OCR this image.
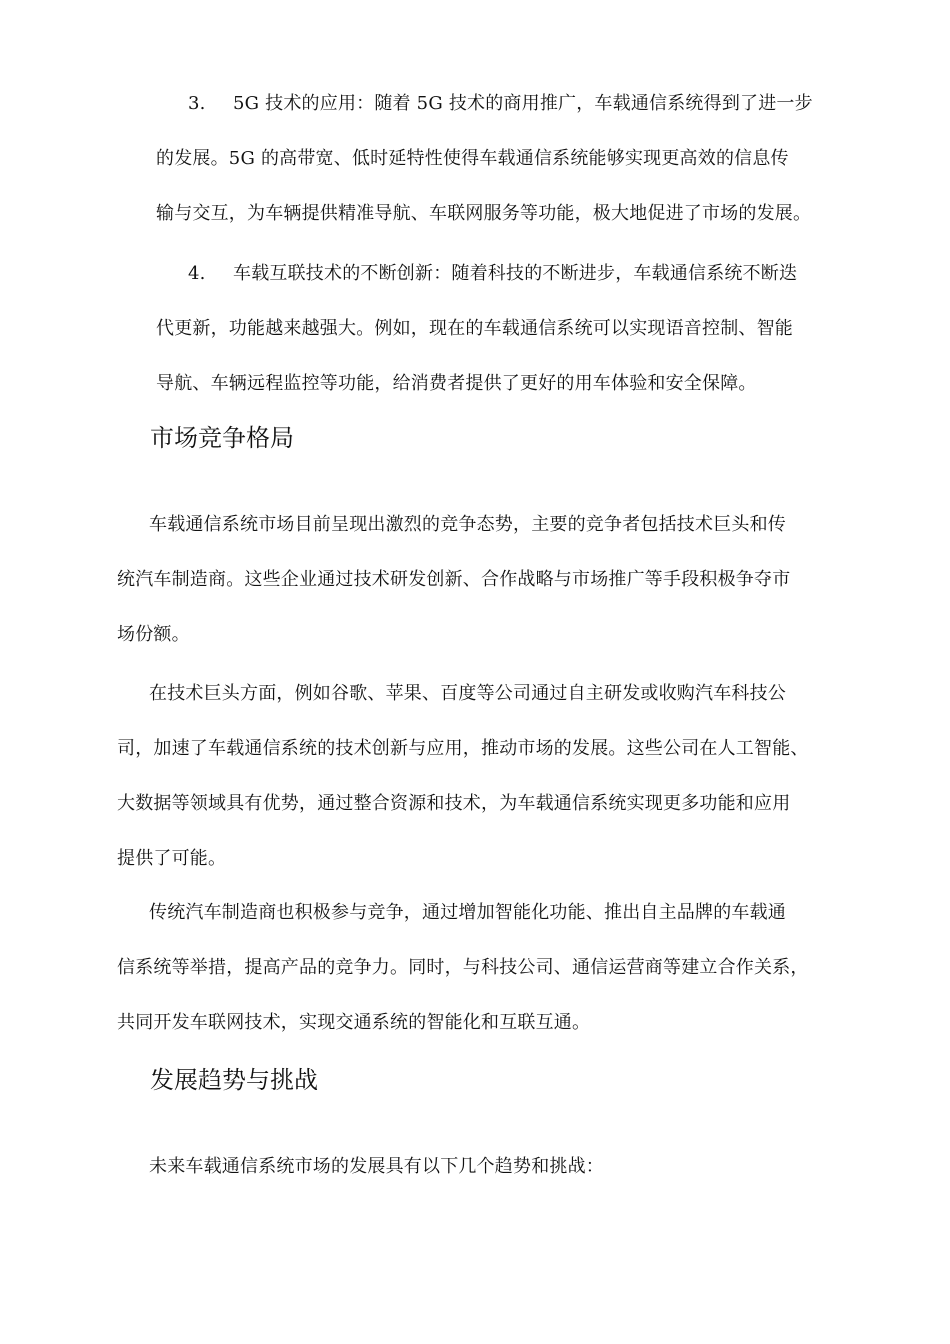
3. 5G 技术的应用：随着 5G 技术的商用推广，车载通信系统得到了进一步
的发展。5G 的高带宽、低时延特性使得车载通信系统能够实现更高效的信息传
输与交互，为车辆提供精准导航、车联网服务等功能，极大地促进了市场的发展。
4. 车载互联技术的不断创新：随着科技的不断进步，车载通信系统不断迭
代更新，功能越来越强大。例如，现在的车载通信系统可以实现语音控制、智能
导航、车辆远程监控等功能，给消费者提供了更好的用车体验和安全保障。
市场竞争格局
车载通信系统市场目前呈现出激烈的竞争态势，主要的竞争者包括技术巨头和传
统汽车制造商。这些企业通过技术研发创新、合作战略与市场推广等手段积极争夺市
场份额。
在技术巨头方面，例如谷歌、苹果、百度等公司通过自主研发或收购汽车科技公
司，加速了车载通信系统的技术创新与应用，推动市场的发展。这些公司在人工智能、
大数据等领域具有优势，通过整合资源和技术，为车载通信系统实现更多功能和应用
提供了可能。
传统汽车制造商也积极参与竞争，通过增加智能化功能、推出自主品牌的车载通
信系统等举措，提高产品的竞争力。同时，与科技公司、通信运营商等建立合作关系，
共同开发车联网技术，实现交通系统的智能化和互联互通。
发展趋势与挑战
未来车载通信系统市场的发展具有以下几个趋势和挑战：
